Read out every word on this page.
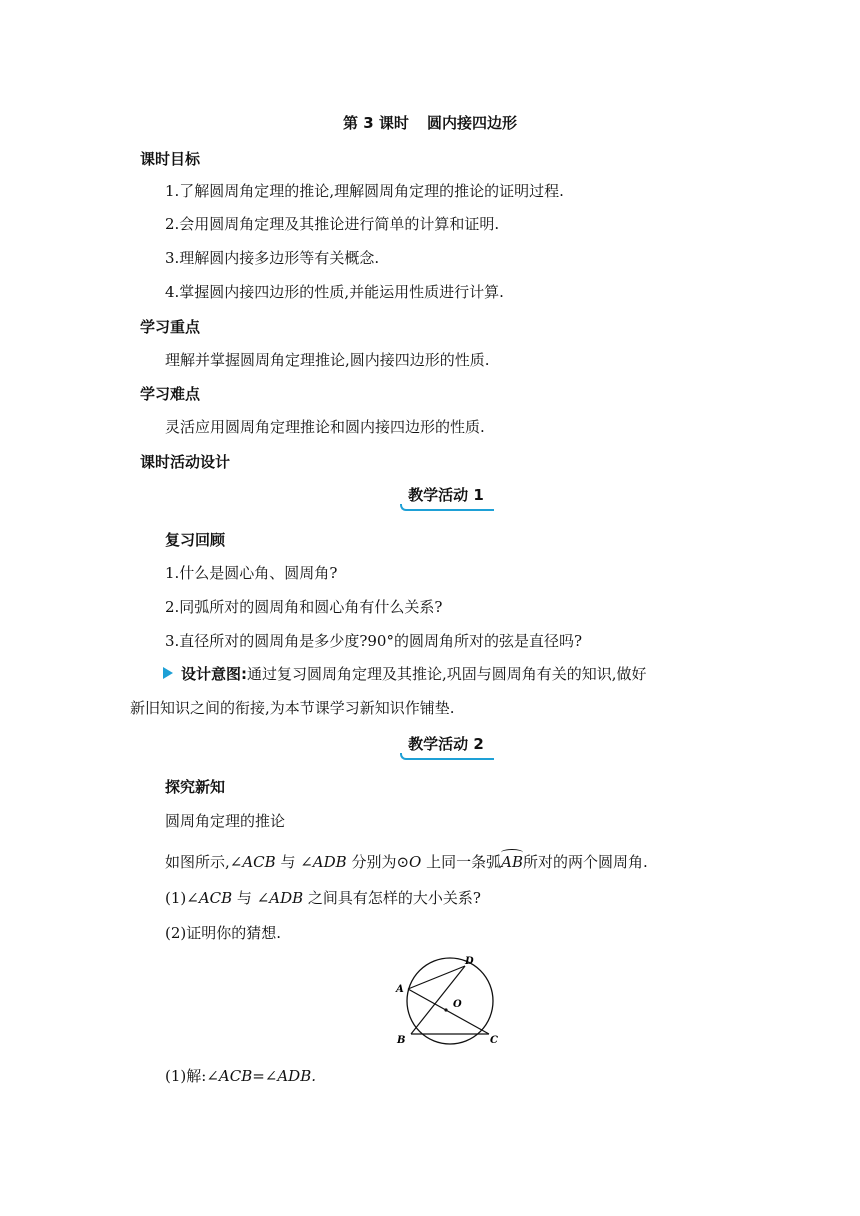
第 3 课时 圆内接四边形
课时目标
1.了解圆周角定理的推论,理解圆周角定理的推论的证明过程.
2.会用圆周角定理及其推论进行简单的计算和证明.
3.理解圆内接多边形等有关概念.
4.掌握圆内接四边形的性质,并能运用性质进行计算.
学习重点
理解并掌握圆周角定理推论,圆内接四边形的性质.
学习难点
灵活应用圆周角定理推论和圆内接四边形的性质.
课时活动设计
教学活动 1
复习回顾
1.什么是圆心角、圆周角?
2.同弧所对的圆周角和圆心角有什么关系?
3.直径所对的圆周角是多少度?90°的圆周角所对的弦是直径吗?
设计意图:通过复习圆周角定理及其推论,巩固与圆周角有关的知识,做好
新旧知识之间的衔接,为本节课学习新知识作铺垫.
教学活动 2
探究新知
圆周角定理的推论
如图所示,∠ACB 与 ∠ADB 分别为⊙O 上同一条弧
AB所对的两个圆周角.
(1)∠ACB 与 ∠ADB 之间具有怎样的大小关系?
(2)证明你的猜想.
A
B	C
D
O
(1)解:∠ACB=∠ADB.
